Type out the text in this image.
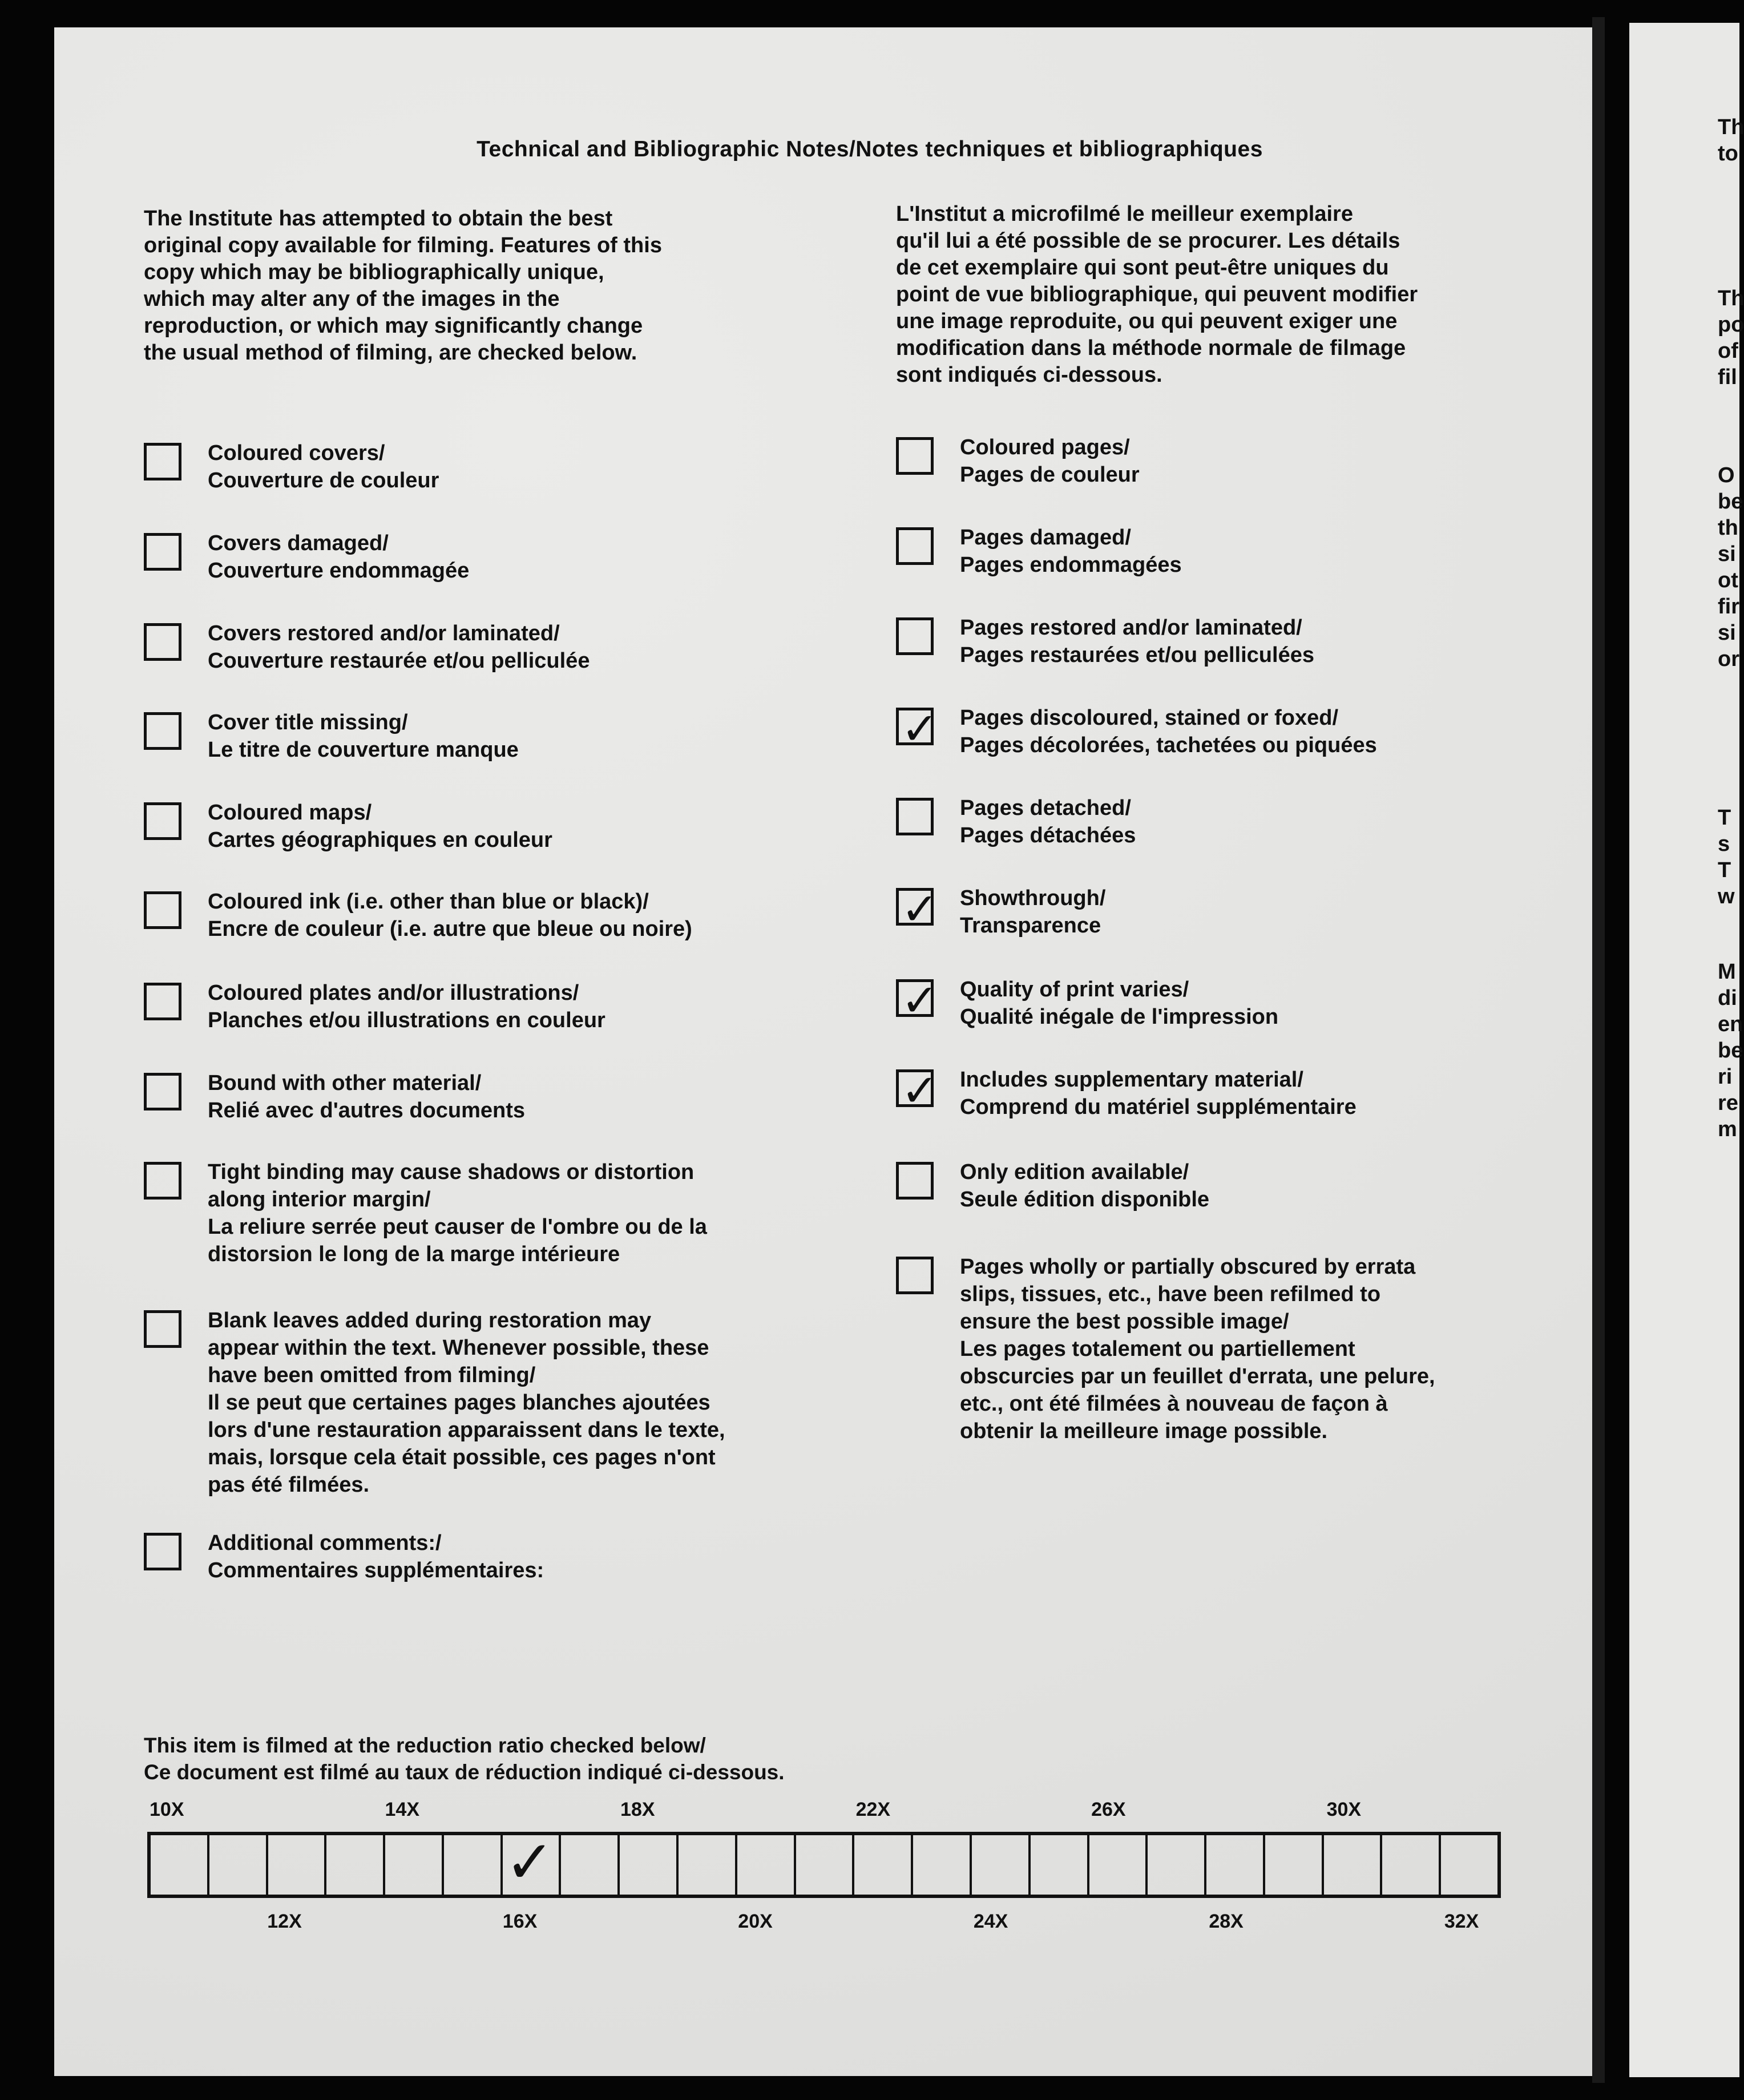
Technical and Bibliographic Notes/Notes techniques et bibliographiques
The Institute has attempted to obtain the best
original copy available for filming. Features of this
copy which may be bibliographically unique,
which may alter any of the images in the
reproduction, or which may significantly change
the usual method of filming, are checked below.
L'Institut a microfilmé le meilleur exemplaire
qu'il lui a été possible de se procurer. Les détails
de cet exemplaire qui sont peut-être uniques du
point de vue bibliographique, qui peuvent modifier
une image reproduite, ou qui peuvent exiger une
modification dans la méthode normale de filmage
sont indiqués ci-dessous.
Coloured covers/
Couverture de couleur
Covers damaged/
Couverture endommagée
Covers restored and/or laminated/
Couverture restaurée et/ou pelliculée
Cover title missing/
Le titre de couverture manque
Coloured maps/
Cartes géographiques en couleur
Coloured ink (i.e. other than blue or black)/
Encre de couleur (i.e. autre que bleue ou noire)
Coloured plates and/or illustrations/
Planches et/ou illustrations en couleur
Bound with other material/
Relié avec d'autres documents
Tight binding may cause shadows or distortion
along interior margin/
La reliure serrée peut causer de l'ombre ou de la
distorsion le long de la marge intérieure
Blank leaves added during restoration may
appear within the text. Whenever possible, these
have been omitted from filming/
Il se peut que certaines pages blanches ajoutées
lors d'une restauration apparaissent dans le texte,
mais, lorsque cela était possible, ces pages n'ont
pas été filmées.
Additional comments:/
Commentaires supplémentaires:
Coloured pages/
Pages de couleur
Pages damaged/
Pages endommagées
Pages restored and/or laminated/
Pages restaurées et/ou pelliculées
✓ Pages discoloured, stained or foxed/
Pages décolorées, tachetées ou piquées
Pages detached/
Pages détachées
✓ Showthrough/
Transparence
✓ Quality of print varies/
Qualité inégale de l'impression
✓ Includes supplementary material/
Comprend du matériel supplémentaire
Only edition available/
Seule édition disponible
Pages wholly or partially obscured by errata
slips, tissues, etc., have been refilmed to
ensure the best possible image/
Les pages totalement ou partiellement
obscurcies par un feuillet d'errata, une pelure,
etc., ont été filmées à nouveau de façon à
obtenir la meilleure image possible.
This item is filmed at the reduction ratio checked below/
Ce document est filmé au taux de réduction indiqué ci-dessous.
10X	14X	18X	22X	26X	30X
✓
12X	16X	20X	24X	28X	32X
Th
to
Th
po
of
fil
O
be
th
si
ot
fir
si
or
T
s
T
w
M
di
en
be
ri
re
m
